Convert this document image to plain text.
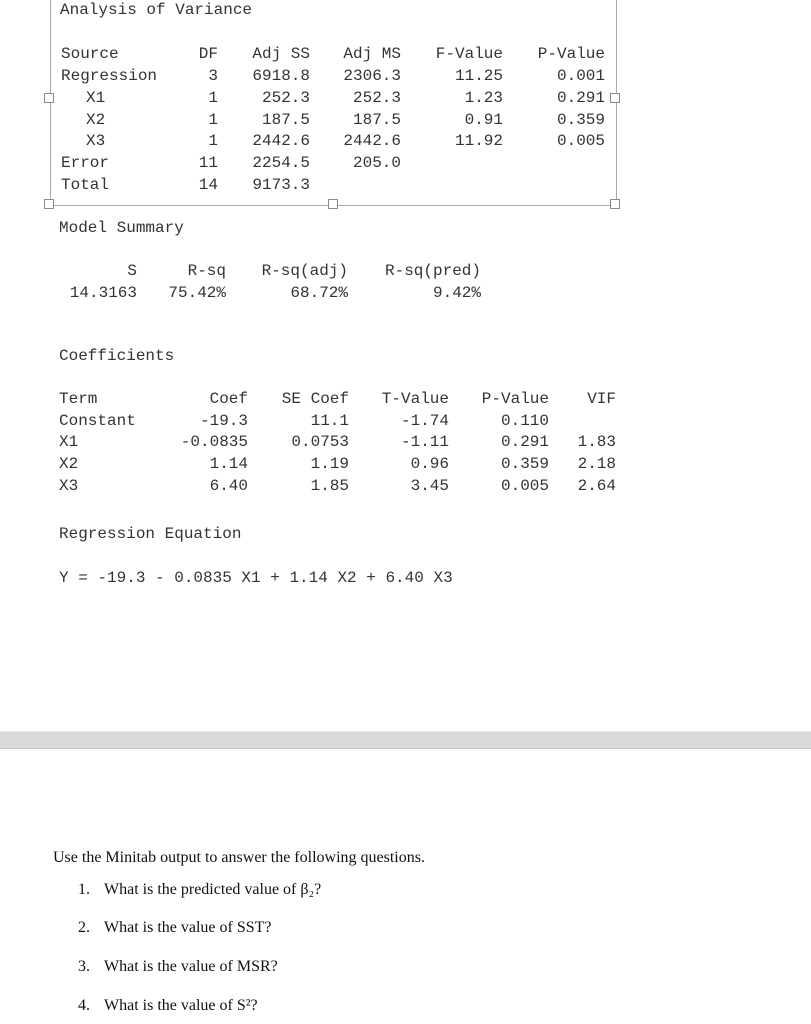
Analysis of Variance
Source	DF	Adj SS	Adj MS	F-Value	P-Value
Regression	3	6918.8	2306.3	11.25	0.001
X1	1	252.3	252.3	1.23	0.291
X2	1	187.5	187.5	0.91	0.359
X3	1	2442.6	2442.6	11.92	0.005
Error	11	2254.5	205.0
Total	14	9173.3
Model Summary
S	R-sq	R-sq(adj)	R-sq(pred)
14.3163	75.42%	68.72%	9.42%
Coefficients
Term	Coef	SE Coef	T-Value	P-Value	VIF
Constant	-19.3	11.1	-1.74	0.110
X1	-0.0835	0.0753	-1.11	0.291	1.83
X2	1.14	1.19	0.96	0.359	2.18
X3	6.40	1.85	3.45	0.005	2.64
Regression Equation
Y = -19.3 - 0.0835 X1 + 1.14 X2 + 6.40 X3
Use the Minitab output to answer the following questions.
1. What is the predicted value of β₂?
2. What is the value of SST?
3. What is the value of MSR?
4. What is the value of S²?
